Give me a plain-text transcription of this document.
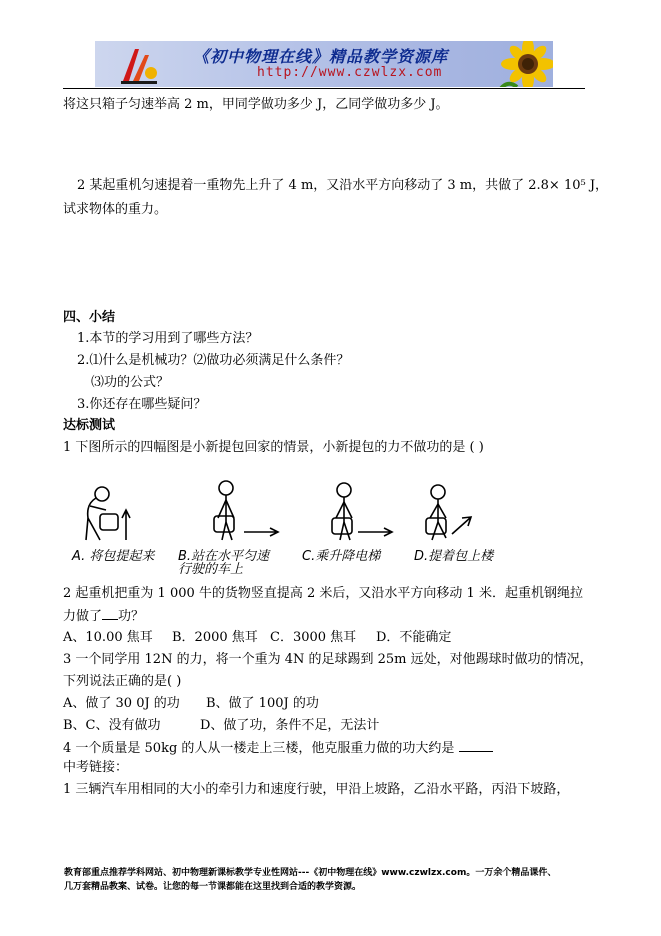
《初中物理在线》精品教学资源库
http://www.czwlzx.com
将这只箱子匀速举高 2 m，甲同学做功多少 J，乙同学做功多少 J。
2 某起重机匀速提着一重物先上升了 4 m，又沿水平方向移动了 3 m，共做了 2.8× 10⁵ J，
试求物体的重力。
四、小结
1.本节的学习用到了哪些方法？
2.⑴什么是机械功？⑵做功必须满足什么条件？
⑶功的公式？
3.你还存在哪些疑问？
达标测试
1 下图所示的四幅图是小新提包回家的情景，小新提包的力不做功的是 ( )
A. 将包提起来 B.站在水平匀速
行驶的车上
C.乘升降电梯	D.提着包上楼
2 起重机把重为 1 000 牛的货物竖直提高 2 米后，又沿水平方向移动 1 米．起重机钢绳拉
力做了 功？
A、10.00 焦耳 B．2000 焦耳 C．3000 焦耳 D．不能确定
3 一个同学用 12N 的力，将一个重为 4N 的足球踢到 25m 远处，对他踢球时做功的情况，
下列说法正确的是( )
A、做了 30 0J 的功 B、做了 100J 的功
B、C、没有做功	D、做了功，条件不足，无法计
4 一个质量是 50kg 的人从一楼走上三楼，他克服重力做的功大约是
中考链接：
1 三辆汽车用相同的大小的牵引力和速度行驶，甲沿上坡路，乙沿水平路，丙沿下坡路，
教育部重点推荐学科网站、初中物理新课标教学专业性网站---《初中物理在线》www.czwlzx.com。一万余个精品课件、
几万套精品教案、试卷。让您的每一节课都能在这里找到合适的教学资源。
